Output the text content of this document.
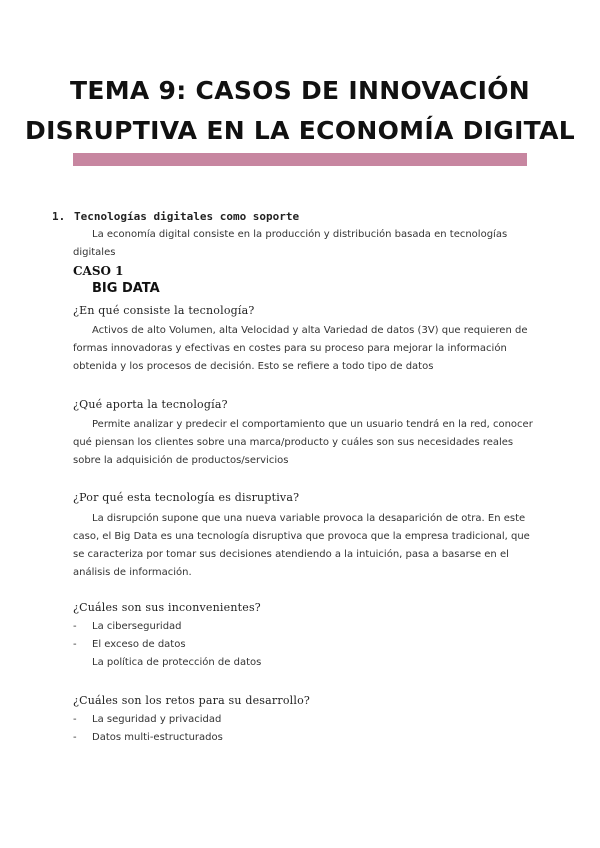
TEMA 9: CASOS DE INNOVACIÓN
DISRUPTIVA EN LA ECONOMÍA DIGITAL
1. Tecnologías digitales como soporte
La economía digital consiste en la producción y distribución basada en tecnologías digitales
CASO 1
BIG DATA
¿En qué consiste la tecnología?
Activos de alto Volumen, alta Velocidad y alta Variedad de datos (3V) que requieren de formas innovadoras y efectivas en costes para su proceso para mejorar la información obtenida y los procesos de decisión. Esto se refiere a todo tipo de datos
¿Qué aporta la tecnología?
Permite analizar y predecir el comportamiento que un usuario tendrá en la red, conocer qué piensan los clientes sobre una marca/producto y cuáles son sus necesidades reales sobre la adquisición de productos/servicios
¿Por qué esta tecnología es disruptiva?
La disrupción supone que una nueva variable provoca la desaparición de otra. En este caso, el Big Data es una tecnología disruptiva que provoca que la empresa tradicional, que se caracteriza por tomar sus decisiones atendiendo a la intuición, pasa a basarse en el análisis de información.
¿Cuáles son sus inconvenientes?
- La ciberseguridad
- El exceso de datos
La política de protección de datos
¿Cuáles son los retos para su desarrollo?
- La seguridad y privacidad
- Datos multi-estructurados
